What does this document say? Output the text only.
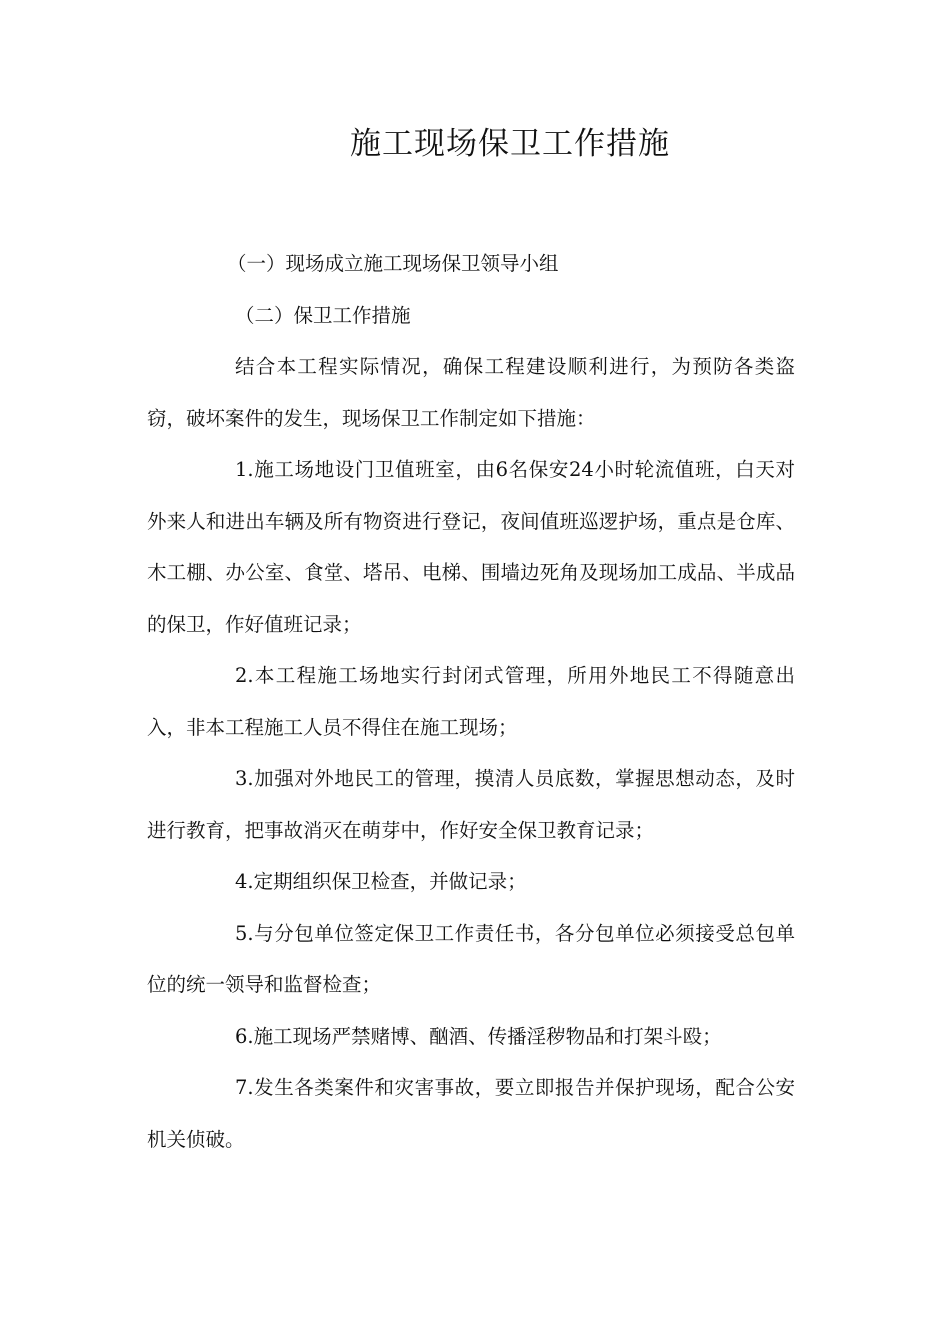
施工现场保卫工作措施

（一）现场成立施工现场保卫领导小组

（二）保卫工作措施

结合本工程实际情况，确保工程建设顺利进行，为预防各类盗窃，破坏案件的发生，现场保卫工作制定如下措施：

1.施工场地设门卫值班室，由6名保安24小时轮流值班，白天对外来人和进出车辆及所有物资进行登记，夜间值班巡逻护场，重点是仓库、木工棚、办公室、食堂、塔吊、电梯、围墙边死角及现场加工成品、半成品的保卫，作好值班记录；

2.本工程施工场地实行封闭式管理，所用外地民工不得随意出入，非本工程施工人员不得住在施工现场；

3.加强对外地民工的管理，摸清人员底数，掌握思想动态，及时进行教育，把事故消灭在萌芽中，作好安全保卫教育记录；

4.定期组织保卫检查，并做记录；

5.与分包单位签定保卫工作责任书，各分包单位必须接受总包单位的统一领导和监督检查；

6.施工现场严禁赌博、酗酒、传播淫秽物品和打架斗殴；

7.发生各类案件和灾害事故，要立即报告并保护现场，配合公安机关侦破。
